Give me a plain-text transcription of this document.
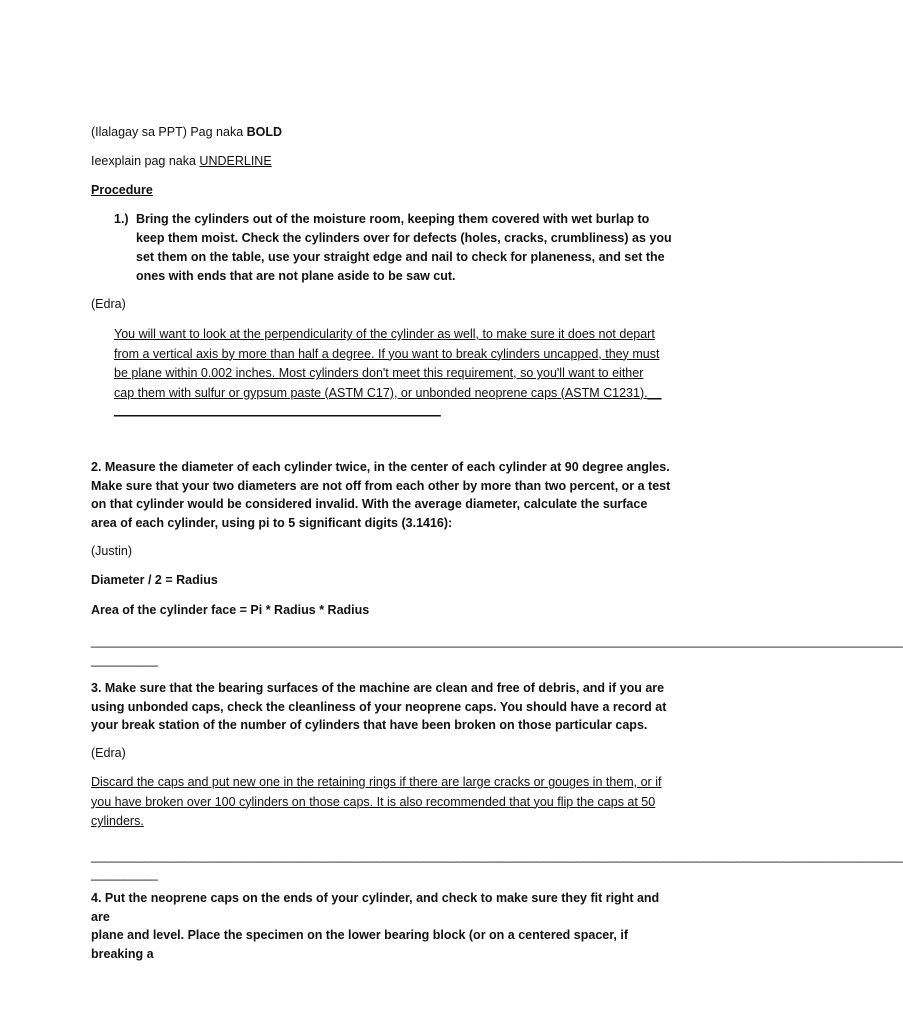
(Ilalagay sa PPT) Pag naka BOLD
Ieexplain pag naka UNDERLINE
Procedure
1.) Bring the cylinders out of the moisture room, keeping them covered with wet burlap to keep them moist. Check the cylinders over for defects (holes, cracks, crumbliness) as you set them on the table, use your straight edge and nail to check for planeness, and set the ones with ends that are not plane aside to be saw cut.
(Edra)
You will want to look at the perpendicularity of the cylinder as well, to make sure it does not depart
from a vertical axis by more than half a degree. If you want to break cylinders uncapped, they must
be plane within 0.002 inches. Most cylinders don't meet this requirement, so you'll want to either
cap them with sulfur or gypsum paste (ASTM C17), or unbonded neoprene caps (ASTM C1231).__
_______________________________________________
2. Measure the diameter of each cylinder twice, in the center of each cylinder at 90 degree angles. Make sure that your two diameters are not off from each other by more than two percent, or a test on that cylinder would be considered invalid. With the average diameter, calculate the surface area of each cylinder, using pi to 5 significant digits (3.1416):
(Justin)
Diameter / 2 = Radius
Area of the cylinder face = Pi * Radius * Radius
__________________________________________________________________________________________________________________________
__________
3. Make sure that the bearing surfaces of the machine are clean and free of debris, and if you are using unbonded caps, check the cleanliness of your neoprene caps. You should have a record at your break station of the number of cylinders that have been broken on those particular caps.
(Edra)
Discard the caps and put new one in the retaining rings if there are large cracks or gouges in them, or if
you have broken over 100 cylinders on those caps. It is also recommended that you flip the caps at 50
cylinders.
__________________________________________________________________________________________________________________________
__________
4. Put the neoprene caps on the ends of your cylinder, and check to make sure they fit right and are
plane and level. Place the specimen on the lower bearing block (or on a centered spacer, if breaking a
